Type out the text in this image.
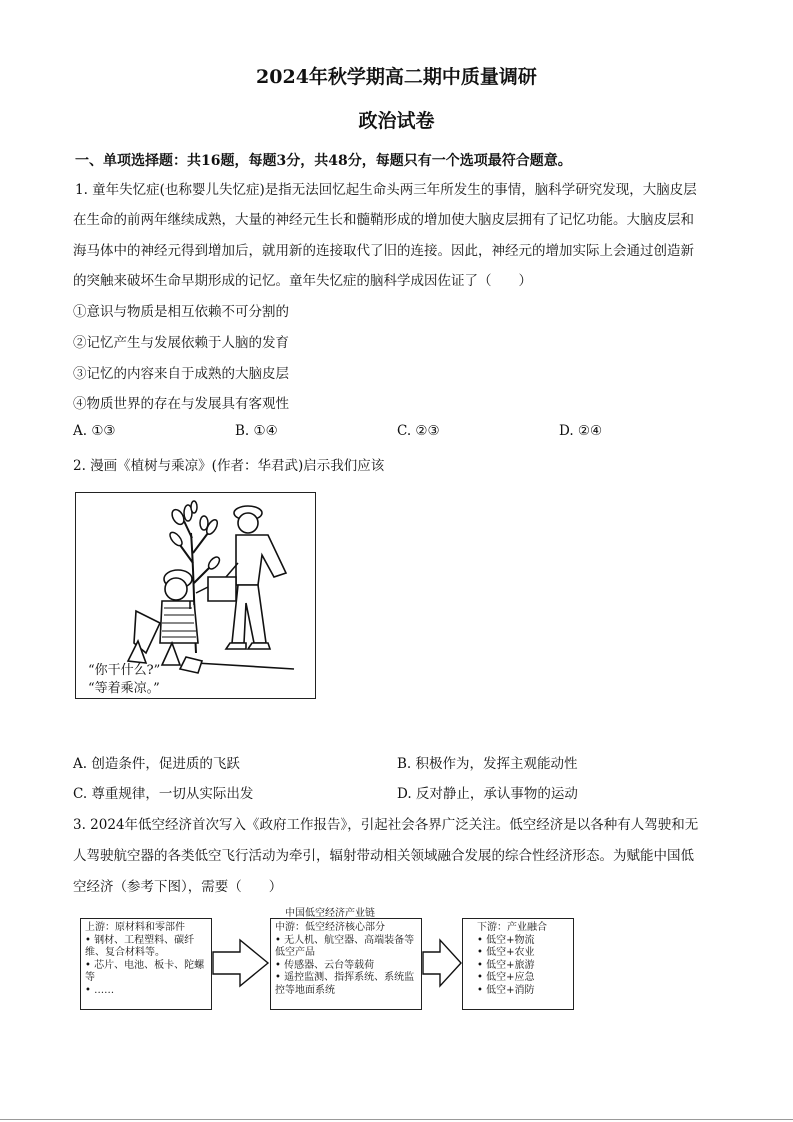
2024年秋学期高二期中质量调研
政治试卷
一、单项选择题：共16题，每题3分，共48分，每题只有一个选项最符合题意。
1. 童年失忆症(也称婴儿失忆症)是指无法回忆起生命头两三年所发生的事情，脑科学研究发现，大脑皮层
在生命的前两年继续成熟，大量的神经元生长和髓鞘形成的增加使大脑皮层拥有了记忆功能。大脑皮层和
海马体中的神经元得到增加后，就用新的连接取代了旧的连接。因此，神经元的增加实际上会通过创造新
的突触来破坏生命早期形成的记忆。童年失忆症的脑科学成因佐证了（　　）
①意识与物质是相互依赖不可分割的
②记忆产生与发展依赖于人脑的发育
③记忆的内容来自于成熟的大脑皮层
④物质世界的存在与发展具有客观性
A. ①③	B. ①④	C. ②③	D. ②④
2. 漫画《植树与乘凉》(作者：华君武)启示我们应该
“你干什么?”
“等着乘凉。”
A. 创造条件，促进质的飞跃	B. 积极作为，发挥主观能动性
C. 尊重规律，一切从实际出发	D. 反对静止，承认事物的运动
3. 2024年低空经济首次写入《政府工作报告》，引起社会各界广泛关注。低空经济是以各种有人驾驶和无
人驾驶航空器的各类低空飞行活动为牵引，辐射带动相关领域融合发展的综合性经济形态。为赋能中国低
空经济（参考下图），需要（　　）
中国低空经济产业链
上游：原材料和零部件
• 钢材、工程塑料、碳纤维、复合材料等。
• 芯片、电池、板卡、陀螺等
• ……
中游：低空经济核心部分
• 无人机、航空器、高端装备等低空产品
• 传感器、云台等载荷
• 遥控监测、指挥系统、系统监控等地面系统
下游：产业融合
• 低空+物流
• 低空+农业
• 低空+旅游
• 低空+应急
• 低空+消防
